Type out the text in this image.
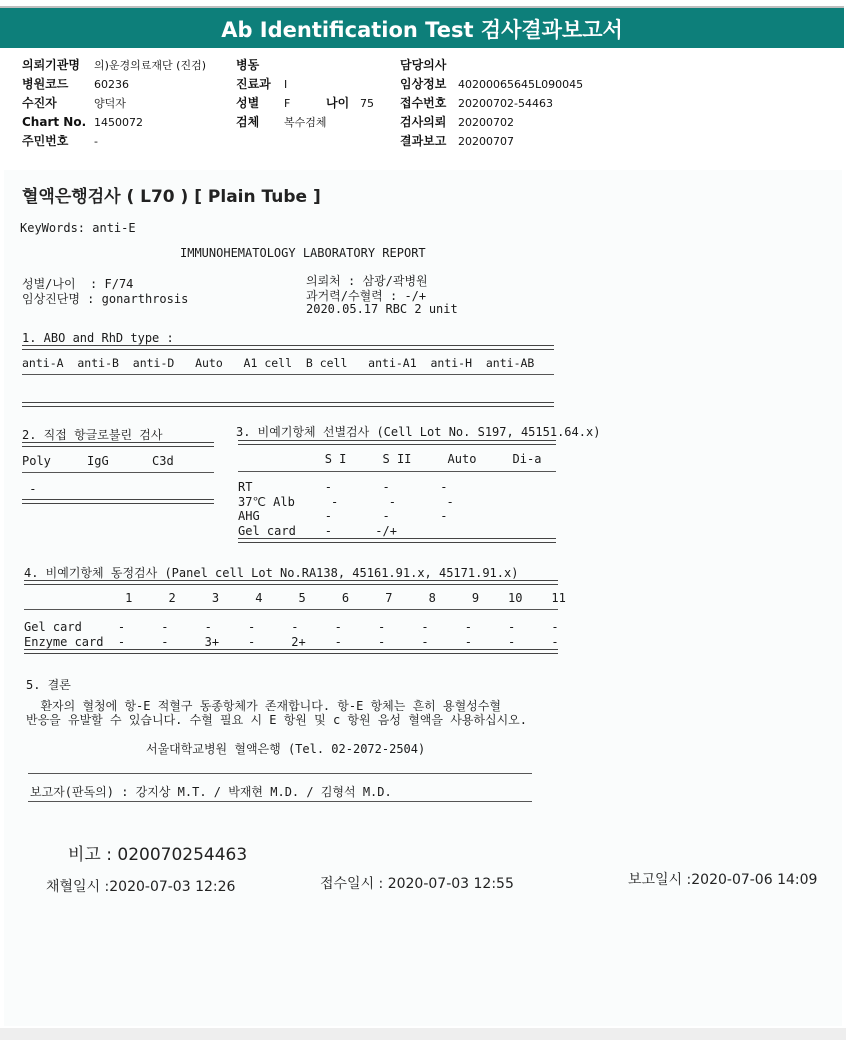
Ab Identification Test 검사결과보고서
의뢰기관명 의)운경의료재단 (진검)
병원코드 60236
수진자	양덕자
Chart No. 1450072
주민번호 -
병동
진료과 I
성별 F	나이 75
검체 복수검체
담당의사
임상정보 40200065645L090045
접수번호 20200702-54463
검사의뢰 20200702
결과보고 20200707
혈액은행검사 ( L70 ) [ Plain Tube ]
KeyWords: anti-E
IMMUNOHEMATOLOGY LABORATORY REPORT
성별/나이  : F/74
임상진단명 : gonarthrosis
의뢰처 : 삼광/곽병원
과거력/수혈력 : -/+
2020.05.17 RBC 2 unit
1. ABO and RhD type :
anti-A  anti-B  anti-D   Auto   A1 cell  B cell   anti-A1  anti-H  anti-AB
2. 직접 항글로불린 검사
Poly     IgG      C3d
-
3. 비예기항체 선별검사 (Cell Lot No. S197, 45151.64.x)
S I     S II     Auto     Di-a
RT          -       -       -
37℃ Alb     -       -       -
AHG         -       -       -
Gel card    -      -/+
4. 비예기항체 동정검사 (Panel cell Lot No.RA138, 45161.91.x, 45171.91.x)
1     2     3     4     5     6     7     8     9    10    11
Gel card     -     -     -     -     -     -     -     -     -     -     -
Enzyme card  -     -     3+    -     2+    -     -     -     -     -     -
5. 결론
환자의 혈청에 항-E 적혈구 동종항체가 존재합니다. 항-E 항체는 흔히 용혈성수혈
반응을 유발할 수 있습니다. 수혈 필요 시 E 항원 및 c 항원 음성 혈액을 사용하십시오.
서울대학교병원 혈액은행 (Tel. 02-2072-2504)
보고자(판독의) : 강지상 M.T. / 박재현 M.D. / 김형석 M.D.
비고 : 020070254463
채혈일시 :2020-07-03 12:26	접수일시 : 2020-07-03 12:55	보고일시 :2020-07-06 14:09
